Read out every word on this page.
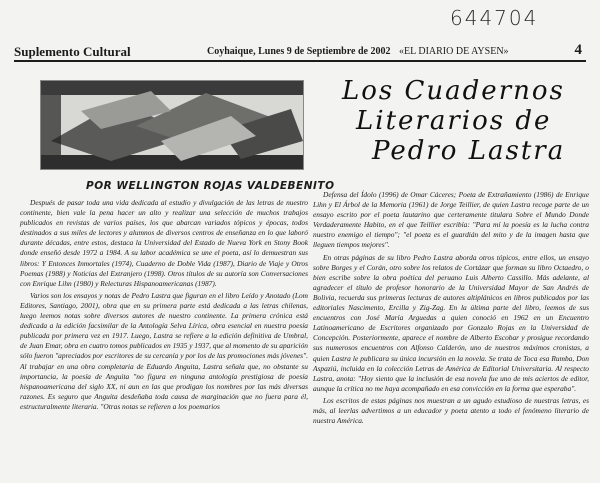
644704
Suplemento Cultural	Coyhaique, Lunes 9 de Septiembre de 2002 «EL DIARIO DE AYSEN»	4
Los Cuadernos
Literarios de
Pedro Lastra
POR WELLINGTON ROJAS VALDEBENITO

Después de pasar toda una vida dedicada al estudio y divulgación de las letras de nuestro continente, bien vale la pena hacer un alto y realizar una selección de muchos trabajos publicados en revistas de varios países, los que abarcan variados tópicos y épocas, todos destinados a sus miles de lectores y alumnos de diversos centros de enseñanza en lo que laboró durante décadas, entre estos, destaca la Universidad del Estado de Nueva York en Stony Book donde enseñó desde 1972 a 1984. A su labor académica se une el poeta, así lo demuestran sus libros: Y Entonces Inmortales (1974), Cuaderno de Doble Vida (1987), Diario de Viaje y Otros Poemas (1988) y Noticias del Extranjero (1998). Otros títulos de su autoría son Conversaciones con Enrique Lihn (1980) y Relecturas Hispanoamericanas (1987).

Varios son los ensayos y notas de Pedro Lastra que figuran en el libro Leído y Anotado (Lom Editores, Santiago, 2001), obra que en su primera parte está dedicada a las letras chilenas, luego leemos notas sobre diversos autores de nuestro continente. La primera crónica está dedicada a la edición facsimilar de la Antología Selva Lírica, obra esencial en nuestra poesía publicada por primera vez en 1917. Luego, Lastra se refiere a la edición definitiva de Umbral, de Juan Emar, obra en cuatro tomos publicados en 1935 y 1937, que al momento de su aparición sólo fueron "apreciados por escritores de su cercanía y por los de las promociones más jóvenes". Al trabajar en una obra completaria de Eduardo Anguita, Lastra señala que, no obstante su importancia, la poesía de Anguita "no figura en ninguna antología prestigiosa de poesía hispanoamericana del siglo XX, ni aun en las que prodigan los nombres por las más diversas razones. Es seguro que Anguita desdeñaba toda causa de marginación que no fuera para él, estructuralmente literaria. "Otras notas se refieren a los poemarios

Defensa del Ídolo (1996) de Omar Cáceres; Poeta de Extrañamiento (1986) de Enrique Lihn y El Árbol de la Memoria (1961) de Jorge Teillier, de quien Lastra recoge parte de un ensayo escrito por el poeta lautarino que certeramente titulara Sobre el Mundo Donde Verdaderamente Habito, en el que Teillier escribía: "Para mí la poesía es la lucha contra nuestro enemigo el tiempo"; "el poeta es el guardián del mito y de la imagen hasta que lleguen tiempos mejores".

En otras páginas de su libro Pedro Lastra aborda otros tópicos, entre ellos, un ensayo sobre Borges y el Corán, otro sobre los relatos de Cortázar que forman su libro Octaedro, o bien escribe sobre la obra poética del peruano Luis Alberto Cassillo. Más adelante, al agradecer el título de profesor honorario de la Universidad Mayor de San Andrés de Bolivia, recuerda sus primeras lecturas de autores altiplánicos en libros publicados por las editoriales Nascimento, Ercilla y Zig-Zag. En la última parte del libro, leemos de sus encuentros con José María Arguedas a quien conoció en 1962 en un Encuentro Latinoamericano de Escritores organizado por Gonzalo Rojas en la Universidad de Concepción. Posteriormente, aparece el nombre de Alberto Escobar y prosigue recordando sus numerosos encuentros con Alfonso Calderón, uno de nuestros máximos cronistas, a quien Lastra le publicara su única incursión en la novela. Se trata de Toca esa Rumba, Don Aspaziú, incluida en la colección Letras de América de Editorial Universitaria. Al respecto Lastra, anota: "Hoy siento que la inclusión de esa novela fue uno de mis aciertos de editor, aunque la crítica no me haya acompañado en esa convicción en la forma que esperaba".

Los escritos de estas páginas nos muestran a un agudo estudioso de nuestras letras, es más, al leerlas advertimos a un educador y poeta atento a todo el fenómeno literario de nuestra América.
